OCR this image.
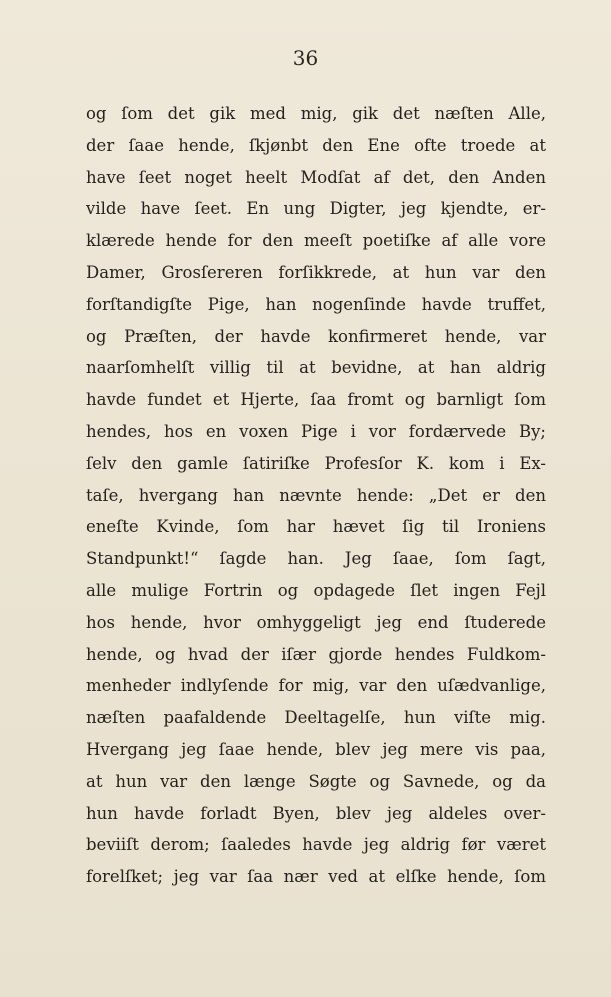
36
og ſom det gik med mig, gik det næſten Alle,
der ſaae hende, ſkjønbt den Ene ofte troede at
have ſeet noget heelt Modſat af det, den Anden
vilde have ſeet. En ung Digter, jeg kjendte, er-
klærede hende for den meeſt poetiſke af alle vore
Damer, Grosſereren forſikkrede, at hun var den
forſtandigſte Pige, han nogenſinde havde truffet,
og Præſten, der havde konfirmeret hende, var
naarſomhelſt villig til at bevidne, at han aldrig
havde fundet et Hjerte, ſaa fromt og barnligt ſom
hendes, hos en voxen Pige i vor fordærvede By;
ſelv den gamle ſatiriſke Profesſor K. kom i Ex-
taſe, hvergang han nævnte hende: „Det er den
eneſte Kvinde, ſom har hævet ſig til Ironiens
Standpunkt!“ ſagde han. Jeg ſaae, ſom ſagt,
alle mulige Fortrin og opdagede ſlet ingen Fejl
hos hende, hvor omhyggeligt jeg end ſtuderede
hende, og hvad der iſær gjorde hendes Fuldkom-
menheder indlyſende for mig, var den uſædvanlige,
næſten paafaldende Deeltagelſe, hun viſte mig.
Hvergang jeg ſaae hende, blev jeg mere vis paa,
at hun var den længe Søgte og Savnede, og da
hun havde forladt Byen, blev jeg aldeles over-
beviiſt derom; ſaaledes havde jeg aldrig før været
forelſket; jeg var ſaa nær ved at elſke hende, ſom
